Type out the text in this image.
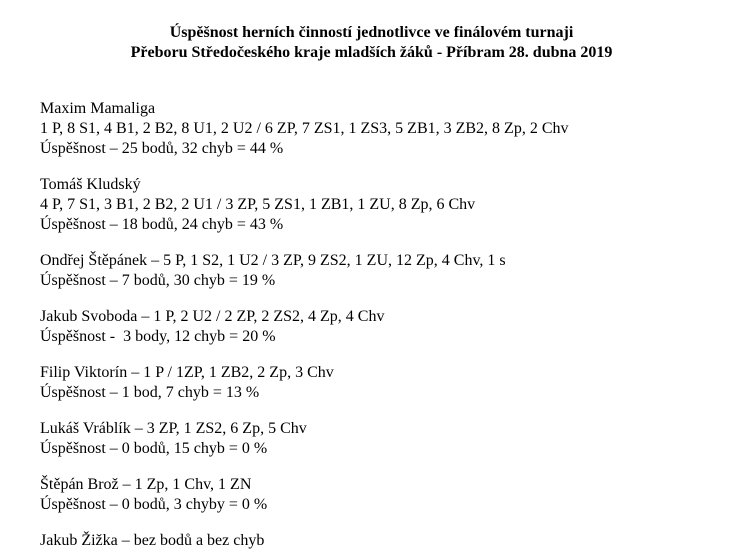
Úspěšnost herních činností jednotlivce ve finálovém turnaji
Přeboru Středočeského kraje mladších žáků - Příbram 28. dubna 2019
Maxim Mamaliga
1 P, 8 S1, 4 B1, 2 B2, 8 U1, 2 U2 / 6 ZP, 7 ZS1, 1 ZS3, 5 ZB1, 3 ZB2, 8 Zp, 2 Chv
Úspěšnost – 25 bodů, 32 chyb = 44 %
Tomáš Kludský
4 P, 7 S1, 3 B1, 2 B2, 2 U1 / 3 ZP, 5 ZS1, 1 ZB1, 1 ZU, 8 Zp, 6 Chv
Úspěšnost – 18 bodů, 24 chyb = 43 %
Ondřej Štěpánek – 5 P, 1 S2, 1 U2 / 3 ZP, 9 ZS2, 1 ZU, 12 Zp, 4 Chv, 1 s
Úspěšnost – 7 bodů, 30 chyb = 19 %
Jakub Svoboda – 1 P, 2 U2 / 2 ZP, 2 ZS2, 4 Zp, 4 Chv
Úspěšnost -  3 body, 12 chyb = 20 %
Filip Viktorín – 1 P / 1ZP, 1 ZB2, 2 Zp, 3 Chv
Úspěšnost – 1 bod, 7 chyb = 13 %
Lukáš Vráblík – 3 ZP, 1 ZS2, 6 Zp, 5 Chv
Úspěšnost – 0 bodů, 15 chyb = 0 %
Štěpán Brož – 1 Zp, 1 Chv, 1 ZN
Úspěšnost – 0 bodů, 3 chyby = 0 %
Jakub Žižka – bez bodů a bez chyb
